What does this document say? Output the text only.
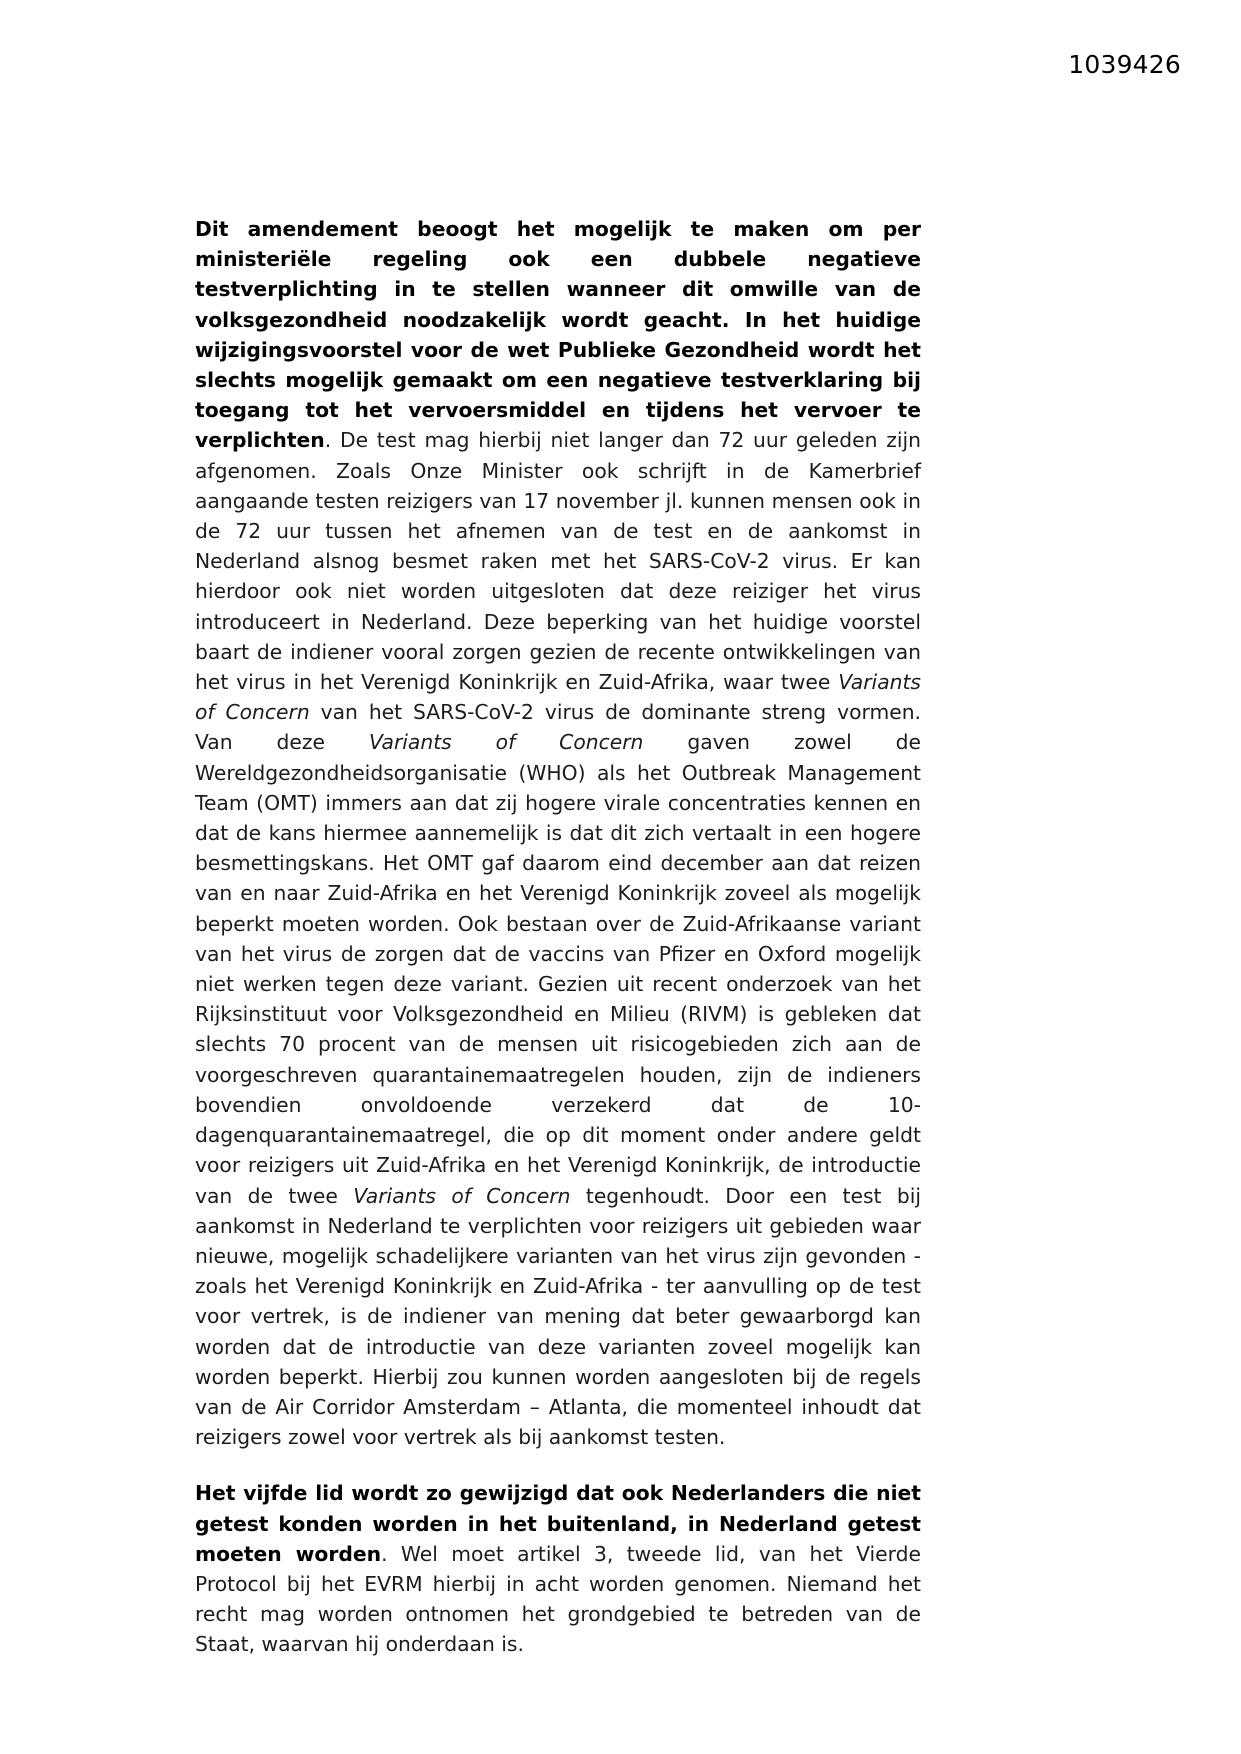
1039426

Dit amendement beoogt het mogelijk te maken om per ministeriële regeling ook een dubbele negatieve testverplichting in te stellen wanneer dit omwille van de volksgezondheid noodzakelijk wordt geacht. In het huidige wijzigingsvoorstel voor de wet Publieke Gezondheid wordt het slechts mogelijk gemaakt om een negatieve testverklaring bij toegang tot het vervoersmiddel en tijdens het vervoer te verplichten. De test mag hierbij niet langer dan 72 uur geleden zijn afgenomen. Zoals Onze Minister ook schrijft in de Kamerbrief aangaande testen reizigers van 17 november jl. kunnen mensen ook in de 72 uur tussen het afnemen van de test en de aankomst in Nederland alsnog besmet raken met het SARS-CoV-2 virus. Er kan hierdoor ook niet worden uitgesloten dat deze reiziger het virus introduceert in Nederland. Deze beperking van het huidige voorstel baart de indiener vooral zorgen gezien de recente ontwikkelingen van het virus in het Verenigd Koninkrijk en Zuid-Afrika, waar twee Variants of Concern van het SARS-CoV-2 virus de dominante streng vormen. Van deze Variants of Concern gaven zowel de Wereldgezondheidsorganisatie (WHO) als het Outbreak Management Team (OMT) immers aan dat zij hogere virale concentraties kennen en dat de kans hiermee aannemelijk is dat dit zich vertaalt in een hogere besmettingskans. Het OMT gaf daarom eind december aan dat reizen van en naar Zuid-Afrika en het Verenigd Koninkrijk zoveel als mogelijk beperkt moeten worden. Ook bestaan over de Zuid-Afrikaanse variant van het virus de zorgen dat de vaccins van Pfizer en Oxford mogelijk niet werken tegen deze variant. Gezien uit recent onderzoek van het Rijksinstituut voor Volksgezondheid en Milieu (RIVM) is gebleken dat slechts 70 procent van de mensen uit risicogebieden zich aan de voorgeschreven quarantainemaatregelen houden, zijn de indieners bovendien onvoldoende verzekerd dat de 10-dagenquarantainemaatregel, die op dit moment onder andere geldt voor reizigers uit Zuid-Afrika en het Verenigd Koninkrijk, de introductie van de twee Variants of Concern tegenhoudt. Door een test bij aankomst in Nederland te verplichten voor reizigers uit gebieden waar nieuwe, mogelijk schadelijkere varianten van het virus zijn gevonden - zoals het Verenigd Koninkrijk en Zuid-Afrika - ter aanvulling op de test voor vertrek, is de indiener van mening dat beter gewaarborgd kan worden dat de introductie van deze varianten zoveel mogelijk kan worden beperkt. Hierbij zou kunnen worden aangesloten bij de regels van de Air Corridor Amsterdam – Atlanta, die momenteel inhoudt dat reizigers zowel voor vertrek als bij aankomst testen.

Het vijfde lid wordt zo gewijzigd dat ook Nederlanders die niet getest konden worden in het buitenland, in Nederland getest moeten worden. Wel moet artikel 3, tweede lid, van het Vierde Protocol bij het EVRM hierbij in acht worden genomen. Niemand het recht mag worden ontnomen het grondgebied te betreden van de Staat, waarvan hij onderdaan is.
